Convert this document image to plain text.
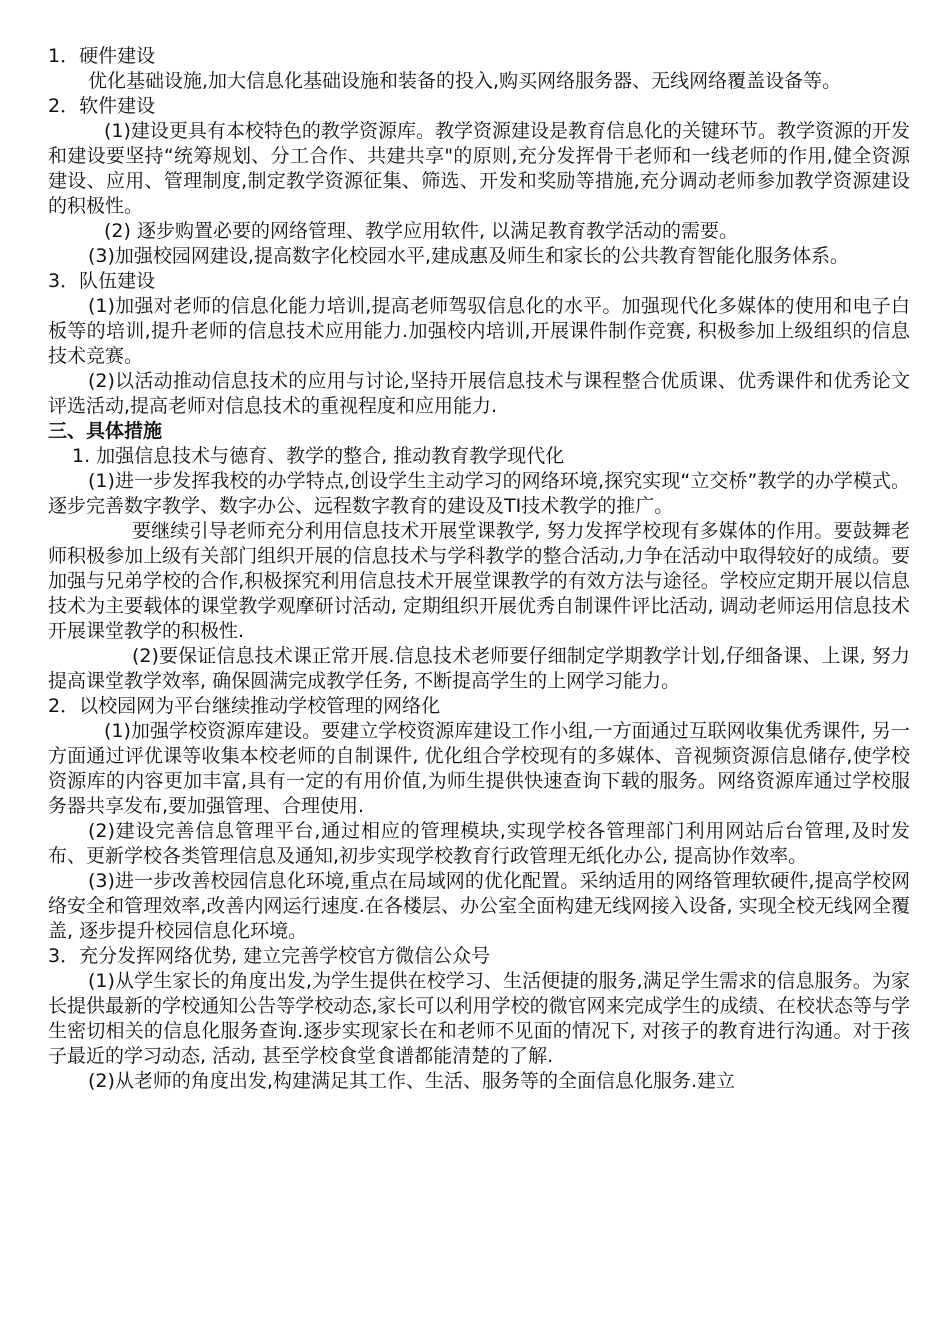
1．硬件建设
优化基础设施,加大信息化基础设施和装备的投入,购买网络服务器、无线网络覆盖设备等。
2．软件建设
(1)建设更具有本校特色的教学资源库。教学资源建设是教育信息化的关键环节。教学资源的开发和建设要坚持“统筹规划、分工合作、共建共享"的原则,充分发挥骨干老师和一线老师的作用,健全资源建设、应用、管理制度,制定教学资源征集、筛选、开发和奖励等措施,充分调动老师参加教学资源建设的积极性。
(2) 逐步购置必要的网络管理、教学应用软件, 以满足教育教学活动的需要。
(3)加强校园网建设,提高数字化校园水平,建成惠及师生和家长的公共教育智能化服务体系。
3．队伍建设
(1)加强对老师的信息化能力培训,提高老师驾驭信息化的水平。加强现代化多媒体的使用和电子白板等的培训,提升老师的信息技术应用能力.加强校内培训,开展课件制作竞赛, 积极参加上级组织的信息技术竞赛。
(2)以活动推动信息技术的应用与讨论,坚持开展信息技术与课程整合优质课、优秀课件和优秀论文评选活动,提高老师对信息技术的重视程度和应用能力.
三、具体措施
1. 加强信息技术与德育、教学的整合, 推动教育教学现代化
(1)进一步发挥我校的办学特点,创设学生主动学习的网络环境,探究实现“立交桥”教学的办学模式。逐步完善数字教学、数字办公、远程数字教育的建设及TI技术教学的推广。
要继续引导老师充分利用信息技术开展堂课教学, 努力发挥学校现有多媒体的作用。要鼓舞老师积极参加上级有关部门组织开展的信息技术与学科教学的整合活动,力争在活动中取得较好的成绩。要加强与兄弟学校的合作,积极探究利用信息技术开展堂课教学的有效方法与途径。学校应定期开展以信息技术为主要载体的课堂教学观摩研讨活动, 定期组织开展优秀自制课件评比活动, 调动老师运用信息技术开展课堂教学的积极性.
(2)要保证信息技术课正常开展.信息技术老师要仔细制定学期教学计划,仔细备课、上课, 努力提高课堂教学效率, 确保圆满完成教学任务, 不断提高学生的上网学习能力。
2．以校园网为平台继续推动学校管理的网络化
(1)加强学校资源库建设。要建立学校资源库建设工作小组,一方面通过互联网收集优秀课件, 另一方面通过评优课等收集本校老师的自制课件, 优化组合学校现有的多媒体、音视频资源信息储存,使学校资源库的内容更加丰富,具有一定的有用价值,为师生提供快速查询下载的服务。网络资源库通过学校服务器共享发布,要加强管理、合理使用.
(2)建设完善信息管理平台,通过相应的管理模块,实现学校各管理部门利用网站后台管理,及时发布、更新学校各类管理信息及通知,初步实现学校教育行政管理无纸化办公, 提高协作效率。
(3)进一步改善校园信息化环境,重点在局域网的优化配置。采纳适用的网络管理软硬件,提高学校网络安全和管理效率,改善内网运行速度.在各楼层、办公室全面构建无线网接入设备, 实现全校无线网全覆盖, 逐步提升校园信息化环境。
3．充分发挥网络优势, 建立完善学校官方微信公众号
(1)从学生家长的角度出发,为学生提供在校学习、生活便捷的服务,满足学生需求的信息服务。为家长提供最新的学校通知公告等学校动态,家长可以利用学校的微官网来完成学生的成绩、在校状态等与学生密切相关的信息化服务查询.逐步实现家长在和老师不见面的情况下, 对孩子的教育进行沟通。对于孩子最近的学习动态, 活动, 甚至学校食堂食谱都能清楚的了解.
(2)从老师的角度出发,构建满足其工作、生活、服务等的全面信息化服务.建立
